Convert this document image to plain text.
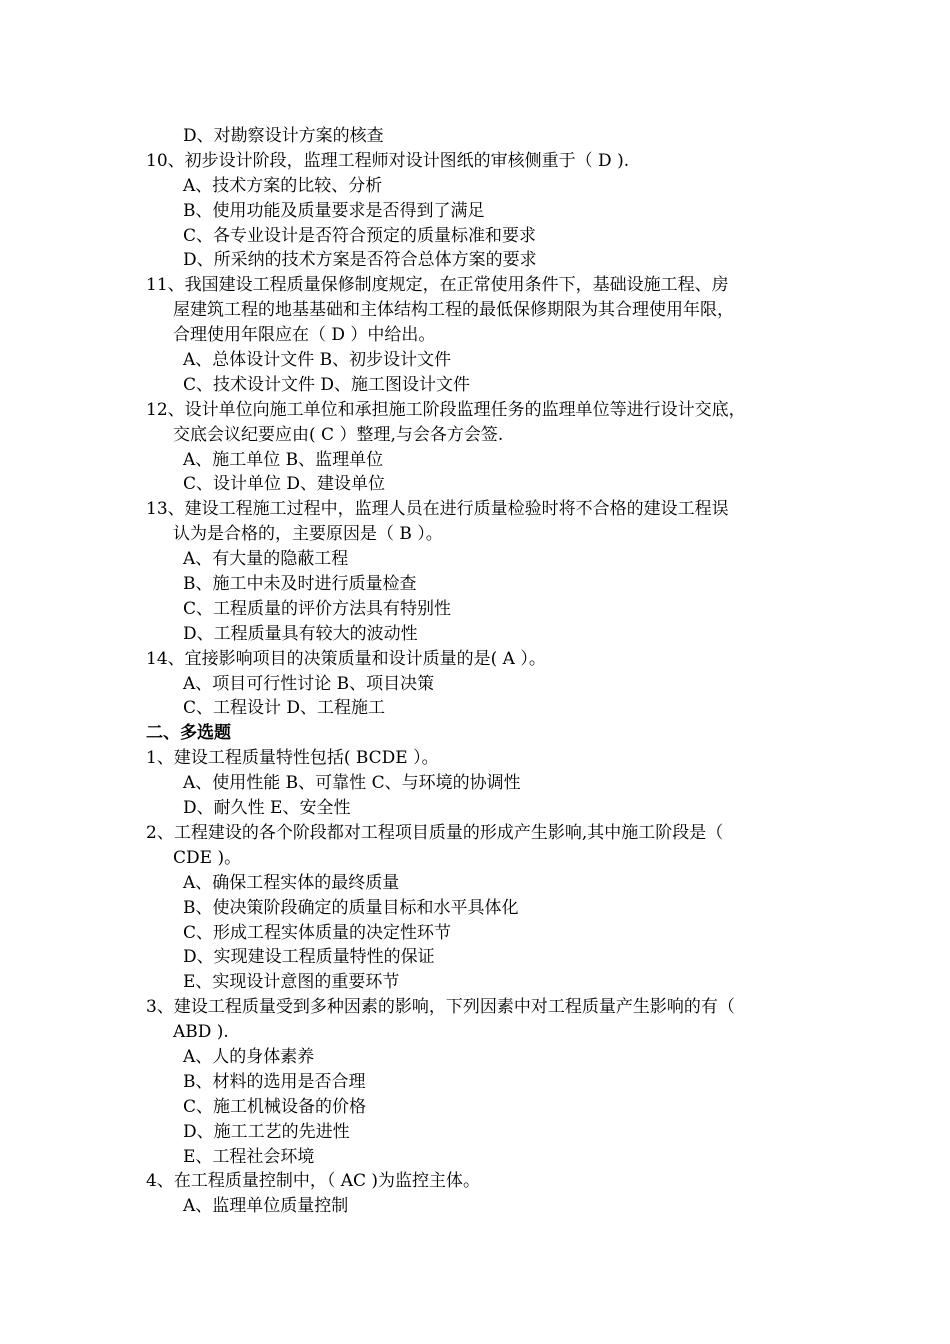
D、对勘察设计方案的核查
10、初步设计阶段，监理工程师对设计图纸的审核侧重于（ D ).
A、技术方案的比较、分析
B、使用功能及质量要求是否得到了满足
C、各专业设计是否符合预定的质量标准和要求
D、所采纳的技术方案是否符合总体方案的要求
11、我国建设工程质量保修制度规定，在正常使用条件下，基础设施工程、房
屋建筑工程的地基基础和主体结构工程的最低保修期限为其合理使用年限，
合理使用年限应在（ D ）中给出。
A、总体设计文件 B、初步设计文件
C、技术设计文件 D、施工图设计文件
12、设计单位向施工单位和承担施工阶段监理任务的监理单位等进行设计交底，
交底会议纪要应由( C ）整理,与会各方会签.
A、施工单位 B、监理单位
C、设计单位 D、建设单位
13、建设工程施工过程中，监理人员在进行质量检验时将不合格的建设工程误
认为是合格的，主要原因是（ B ）。
A、有大量的隐蔽工程
B、施工中未及时进行质量检查
C、工程质量的评价方法具有特别性
D、工程质量具有较大的波动性
14、宜接影响项目的决策质量和设计质量的是( A ）。
A、项目可行性讨论 B、项目决策
C、工程设计 D、工程施工
二、多选题
1、建设工程质量特性包括( BCDE ）。
A、使用性能 B、可靠性 C、与环境的协调性
D、耐久性 E、安全性
2、工程建设的各个阶段都对工程项目质量的形成产生影响,其中施工阶段是（
CDE )。
A、确保工程实体的最终质量
B、使决策阶段确定的质量目标和水平具体化
C、形成工程实体质量的决定性环节
D、实现建设工程质量特性的保证
E、实现设计意图的重要环节
3、建设工程质量受到多种因素的影响，下列因素中对工程质量产生影响的有（
ABD ).
A、人的身体素养
B、材料的选用是否合理
C、施工机械设备的价格
D、施工工艺的先进性
E、工程社会环境
4、在工程质量控制中，（ AC )为监控主体。
A、监理单位质量控制
